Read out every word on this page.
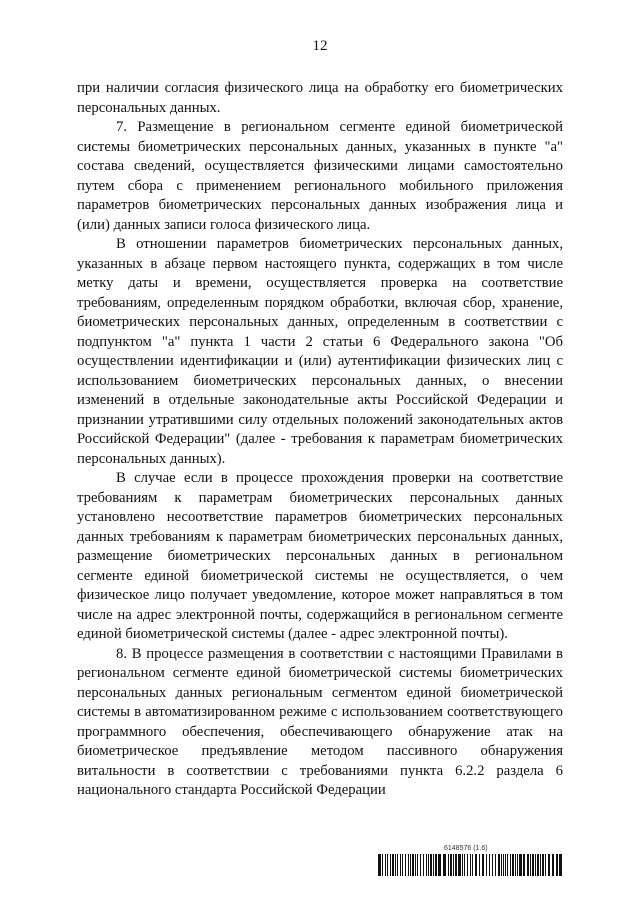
12

при наличии согласия физического лица на обработку его биометрических персональных данных.

7. Размещение в региональном сегменте единой биометрической системы биометрических персональных данных, указанных в пункте "а" состава сведений, осуществляется физическими лицами самостоятельно путем сбора с применением регионального мобильного приложения параметров биометрических персональных данных изображения лица и (или) данных записи голоса физического лица.

В отношении параметров биометрических персональных данных, указанных в абзаце первом настоящего пункта, содержащих в том числе метку даты и времени, осуществляется проверка на соответствие требованиям, определенным порядком обработки, включая сбор, хранение, биометрических персональных данных, определенным в соответствии с подпунктом "а" пункта 1 части 2 статьи 6 Федерального закона "Об осуществлении идентификации и (или) аутентификации физических лиц с использованием биометрических персональных данных, о внесении изменений в отдельные законодательные акты Российской Федерации и признании утратившими силу отдельных положений законодательных актов Российской Федерации" (далее - требования к параметрам биометрических персональных данных).

В случае если в процессе прохождения проверки на соответствие требованиям к параметрам биометрических персональных данных установлено несоответствие параметров биометрических персональных данных требованиям к параметрам биометрических персональных данных, размещение биометрических персональных данных в региональном сегменте единой биометрической системы не осуществляется, о чем физическое лицо получает уведомление, которое может направляться в том числе на адрес электронной почты, содержащийся в региональном сегменте единой биометрической системы (далее - адрес электронной почты).

8. В процессе размещения в соответствии с настоящими Правилами в региональном сегменте единой биометрической системы биометрических персональных данных региональным сегментом единой биометрической системы в автоматизированном режиме с использованием соответствующего программного обеспечения, обеспечивающего обнаружение атак на биометрическое предъявление методом пассивного обнаружения витальности в соответствии с требованиями пункта 6.2.2 раздела 6 национального стандарта Российской Федерации

6148576 (1.6)
